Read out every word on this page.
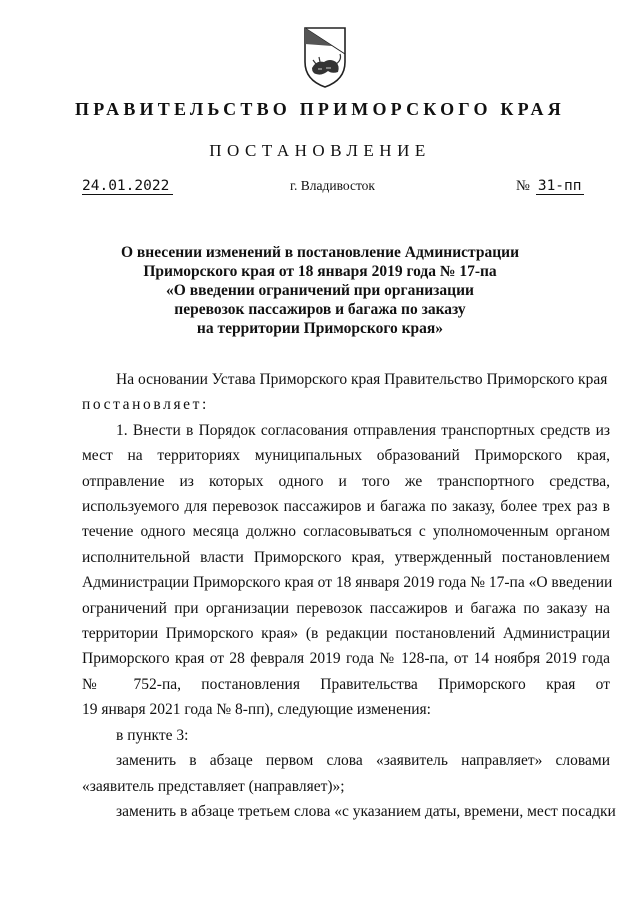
ПРАВИТЕЛЬСТВО ПРИМОРСКОГО КРАЯ
ПОСТАНОВЛЕНИЕ
24.01.2022	г. Владивосток	№ 31-пп
О внесении изменений в постановление Администрации
Приморского края от 18 января 2019 года № 17-па
«О введении ограничений при организации
перевозок пассажиров и багажа по заказу
на территории Приморского края»

На основании Устава Приморского края Правительство Приморского края
постановляет:

1. Внести в Порядок согласования отправления транспортных средств из
мест на территориях муниципальных образований Приморского края,
отправление из которых одного и того же транспортного средства,
используемого для перевозок пассажиров и багажа по заказу, более трех раз в
течение одного месяца должно согласовываться с уполномоченным органом
исполнительной власти Приморского края, утвержденный постановлением
Администрации Приморского края от 18 января 2019 года № 17-па «О введении
ограничений при организации перевозок пассажиров и багажа по заказу на
территории Приморского края» (в редакции постановлений Администрации
Приморского края от 28 февраля 2019 года № 128-па, от 14 ноября 2019 года
№ 752-па, постановления Правительства Приморского края от
19 января 2021 года № 8-пп), следующие изменения:

в пункте 3:

заменить в абзаце первом слова «заявитель направляет» словами
«заявитель представляет (направляет)»;

заменить в абзаце третьем слова «с указанием даты, времени, мест посадки
